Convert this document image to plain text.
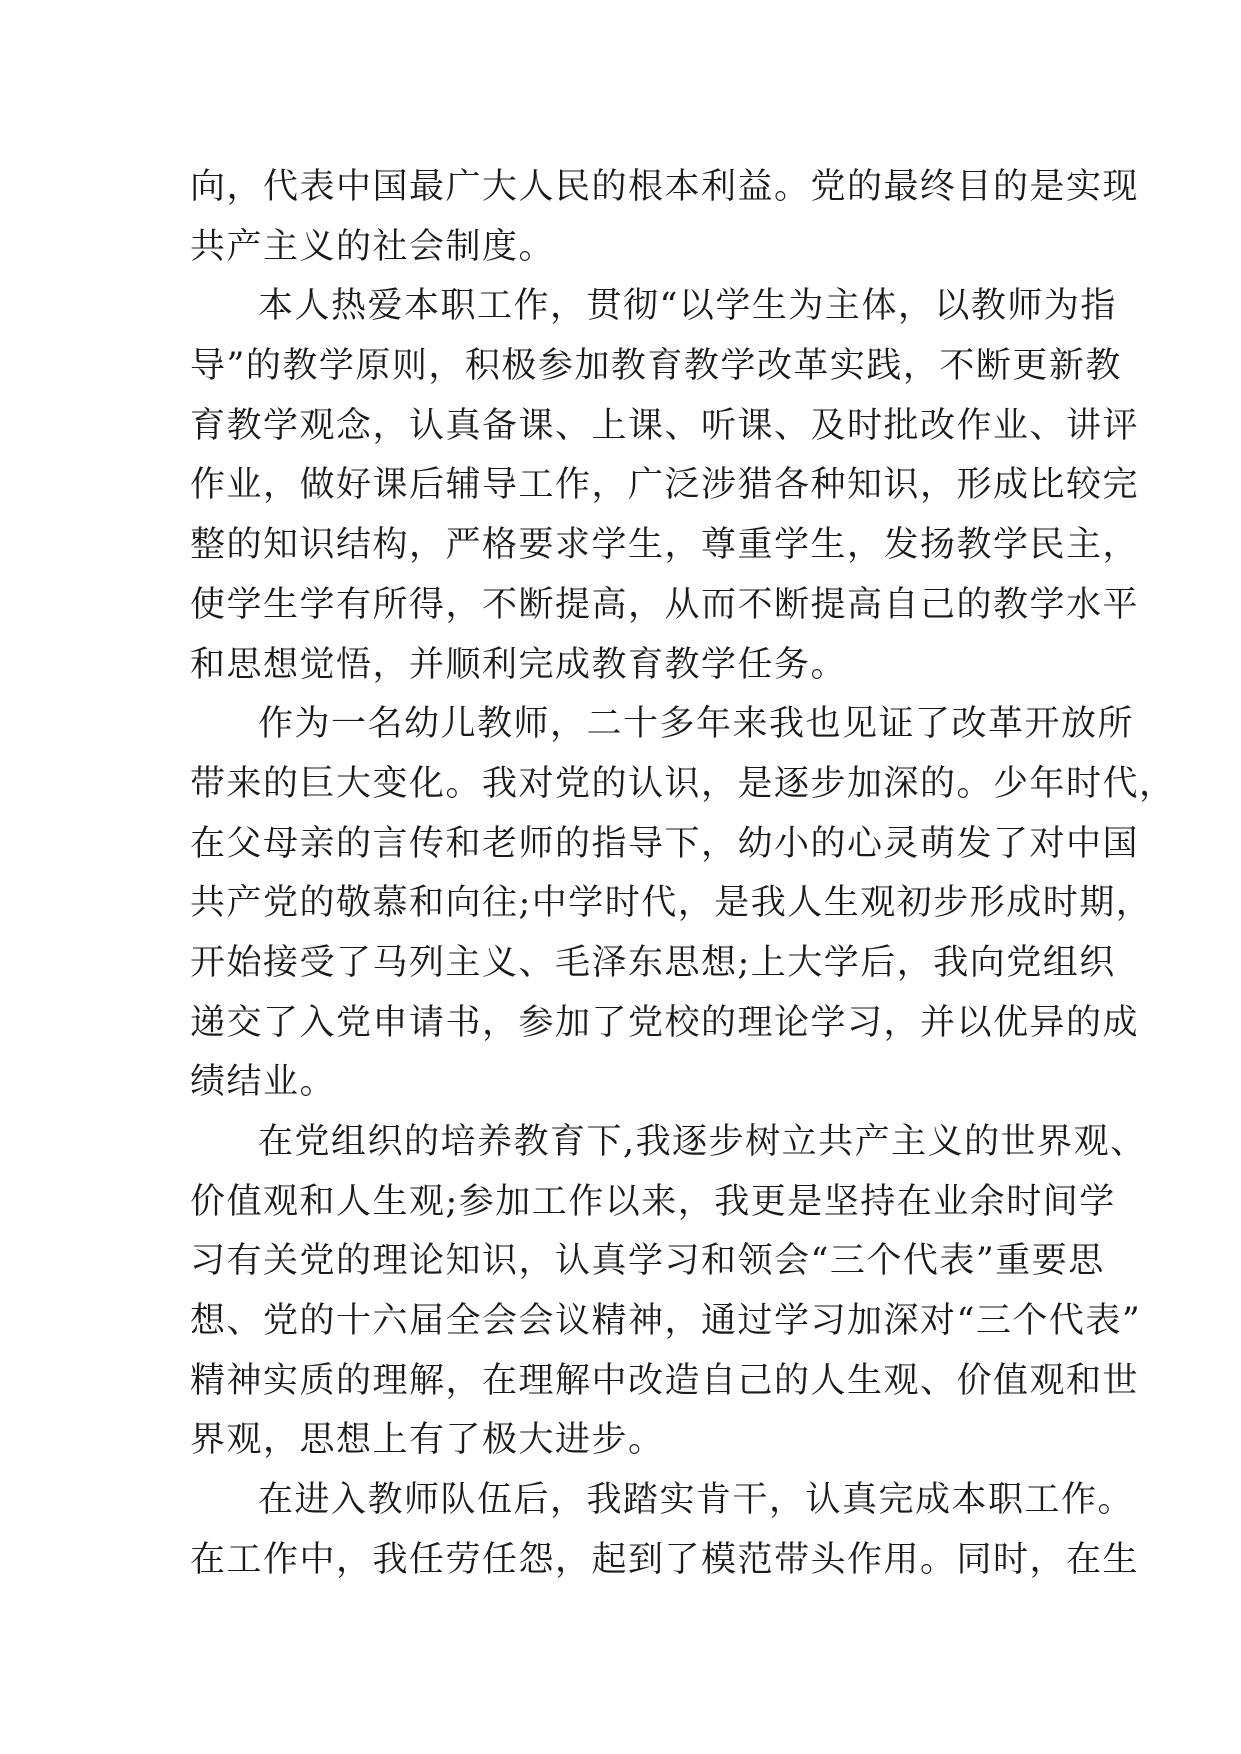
向，代表中国最广大人民的根本利益。党的最终目的是实现
共产主义的社会制度。
本人热爱本职工作，贯彻“以学生为主体，以教师为指
导”的教学原则，积极参加教育教学改革实践，不断更新教
育教学观念，认真备课、上课、听课、及时批改作业、讲评
作业，做好课后辅导工作，广泛涉猎各种知识，形成比较完
整的知识结构，严格要求学生，尊重学生，发扬教学民主，
使学生学有所得，不断提高，从而不断提高自己的教学水平
和思想觉悟，并顺利完成教育教学任务。
作为一名幼儿教师，二十多年来我也见证了改革开放所
带来的巨大变化。我对党的认识，是逐步加深的。少年时代，
在父母亲的言传和老师的指导下，幼小的心灵萌发了对中国
共产党的敬慕和向往;中学时代，是我人生观初步形成时期，
开始接受了马列主义、毛泽东思想;上大学后，我向党组织
递交了入党申请书，参加了党校的理论学习，并以优异的成
绩结业。
在党组织的培养教育下,我逐步树立共产主义的世界观、
价值观和人生观;参加工作以来，我更是坚持在业余时间学
习有关党的理论知识，认真学习和领会“三个代表”重要思
想、党的十六届全会会议精神，通过学习加深对“三个代表”
精神实质的理解，在理解中改造自己的人生观、价值观和世
界观，思想上有了极大进步。
在进入教师队伍后，我踏实肯干，认真完成本职工作。
在工作中，我任劳任怨，起到了模范带头作用。同时，在生
